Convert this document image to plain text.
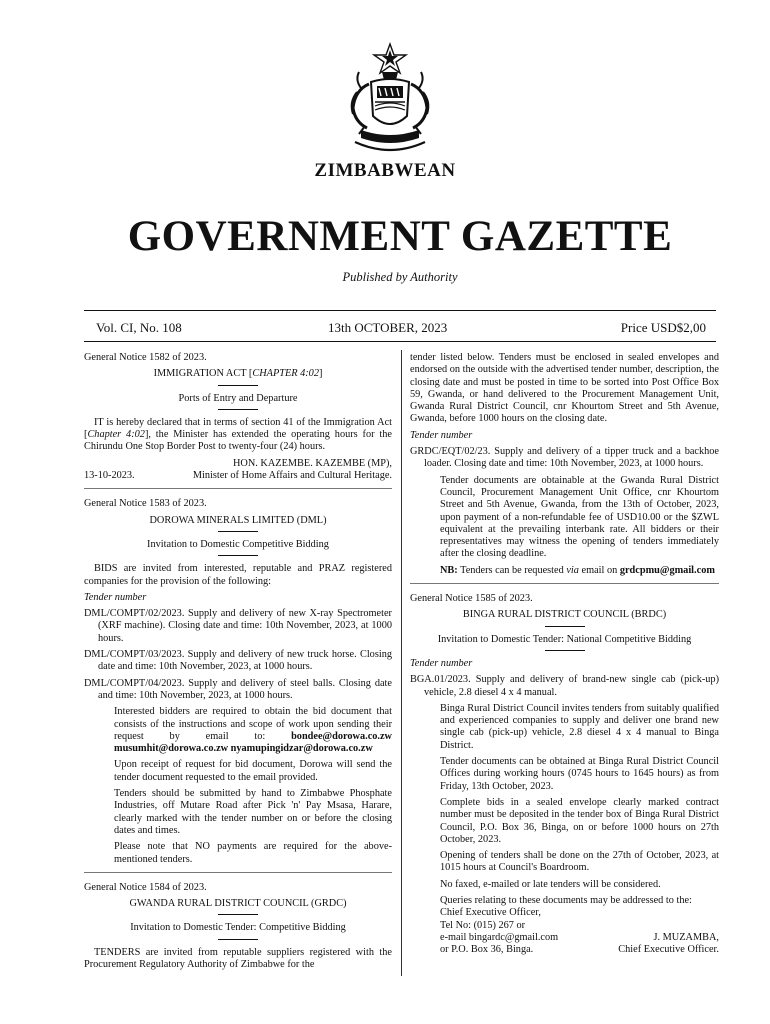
ZIMBABWEAN
GOVERNMENT GAZETTE
Published by Authority
Vol. CI, No. 108	13th OCTOBER, 2023	Price USD$2,00

General Notice 1582 of 2023.

IMMIGRATION ACT [CHAPTER 4:02]

Ports of Entry and Departure

IT is hereby declared that in terms of section 41 of the Immigration Act [Chapter 4:02], the Minister has extended the operating hours for the Chirundu One Stop Border Post to twenty-four (24) hours.

HON. KAZEMBE. KAZEMBE (MP),

13-10-2023.	Minister of Home Affairs and Cultural Heritage.

General Notice 1583 of 2023.

DOROWA MINERALS LIMITED (DML)

Invitation to Domestic Competitive Bidding

BIDS are invited from interested, reputable and PRAZ registered companies for the provision of the following:

Tender number

DML/COMPT/02/2023. Supply and delivery of new X-ray Spectrometer (XRF machine). Closing date and time: 10th November, 2023, at 1000 hours.

DML/COMPT/03/2023. Supply and delivery of new truck horse. Closing date and time: 10th November, 2023, at 1000 hours.

DML/COMPT/04/2023. Supply and delivery of steel balls. Closing date and time: 10th November, 2023, at 1000 hours.

Interested bidders are required to obtain the bid document that consists of the instructions and scope of work upon sending their request by email to:	bondee@dorowa.co.zw musumhit@dorowa.co.zw nyamupingidzar@dorowa.co.zw

Upon receipt of request for bid document, Dorowa will send the tender document requested to the email provided.

Tenders should be submitted by hand to Zimbabwe Phosphate Industries, off Mutare Road after Pick 'n' Pay Msasa, Harare, clearly marked with the tender number on or before the closing dates and times.

Please note that NO payments are required for the above-mentioned tenders.

General Notice 1584 of 2023.

GWANDA RURAL DISTRICT COUNCIL (GRDC)

Invitation to Domestic Tender: Competitive Bidding

TENDERS are invited from reputable suppliers registered with the Procurement Regulatory Authority of Zimbabwe for the

tender listed below. Tenders must be enclosed in sealed envelopes and endorsed on the outside with the advertised tender number, description, the closing date and must be posted in time to be sorted into Post Office Box 59, Gwanda, or hand delivered to the Procurement Management Unit, Gwanda Rural District Council, cnr Khourtom Street and 5th Avenue, Gwanda, before 1000 hours on the closing date.

Tender number

GRDC/EQT/02/23. Supply and delivery of a tipper truck and a backhoe loader. Closing date and time: 10th November, 2023, at 1000 hours.

Tender documents are obtainable at the Gwanda Rural District Council, Procurement Management Unit Office, cnr Khourtom Street and 5th Avenue, Gwanda, from the 13th of October, 2023, upon payment of a non-refundable fee of USD10.00 or the $ZWL equivalent at the prevailing interbank rate. All bidders or their representatives may witness the opening of tenders immediately after the closing deadline.

NB: Tenders can be requested via email on grdcpmu@gmail.com

General Notice 1585 of 2023.

BINGA RURAL DISTRICT COUNCIL (BRDC)

Invitation to Domestic Tender: National Competitive Bidding

Tender number

BGA.01/2023. Supply and delivery of brand-new single cab (pick-up) vehicle, 2.8 diesel 4 x 4 manual.

Binga Rural District Council invites tenders from suitably qualified and experienced companies to supply and deliver one brand new single cab (pick-up) vehicle, 2.8 diesel 4 x 4 manual to Binga District.

Tender documents can be obtained at Binga Rural District Council Offices during working hours (0745 hours to 1645 hours) as from Friday, 13th October, 2023.

Complete bids in a sealed envelope clearly marked contract number must be deposited in the tender box of Binga Rural District Council, P.O. Box 36, Binga, on or before 1000 hours on 27th October, 2023.

Opening of tenders shall be done on the 27th of October, 2023, at 1015 hours at Council's Boardroom.

No faxed, e-mailed or late tenders will be considered.

Queries relating to these documents may be addressed to the:

Chief Executive Officer,
Tel No: (015) 267 or
e-mail bingardc@gmail.com
or P.O. Box 36, Binga.
J. MUZAMBA,
Chief Executive Officer.
